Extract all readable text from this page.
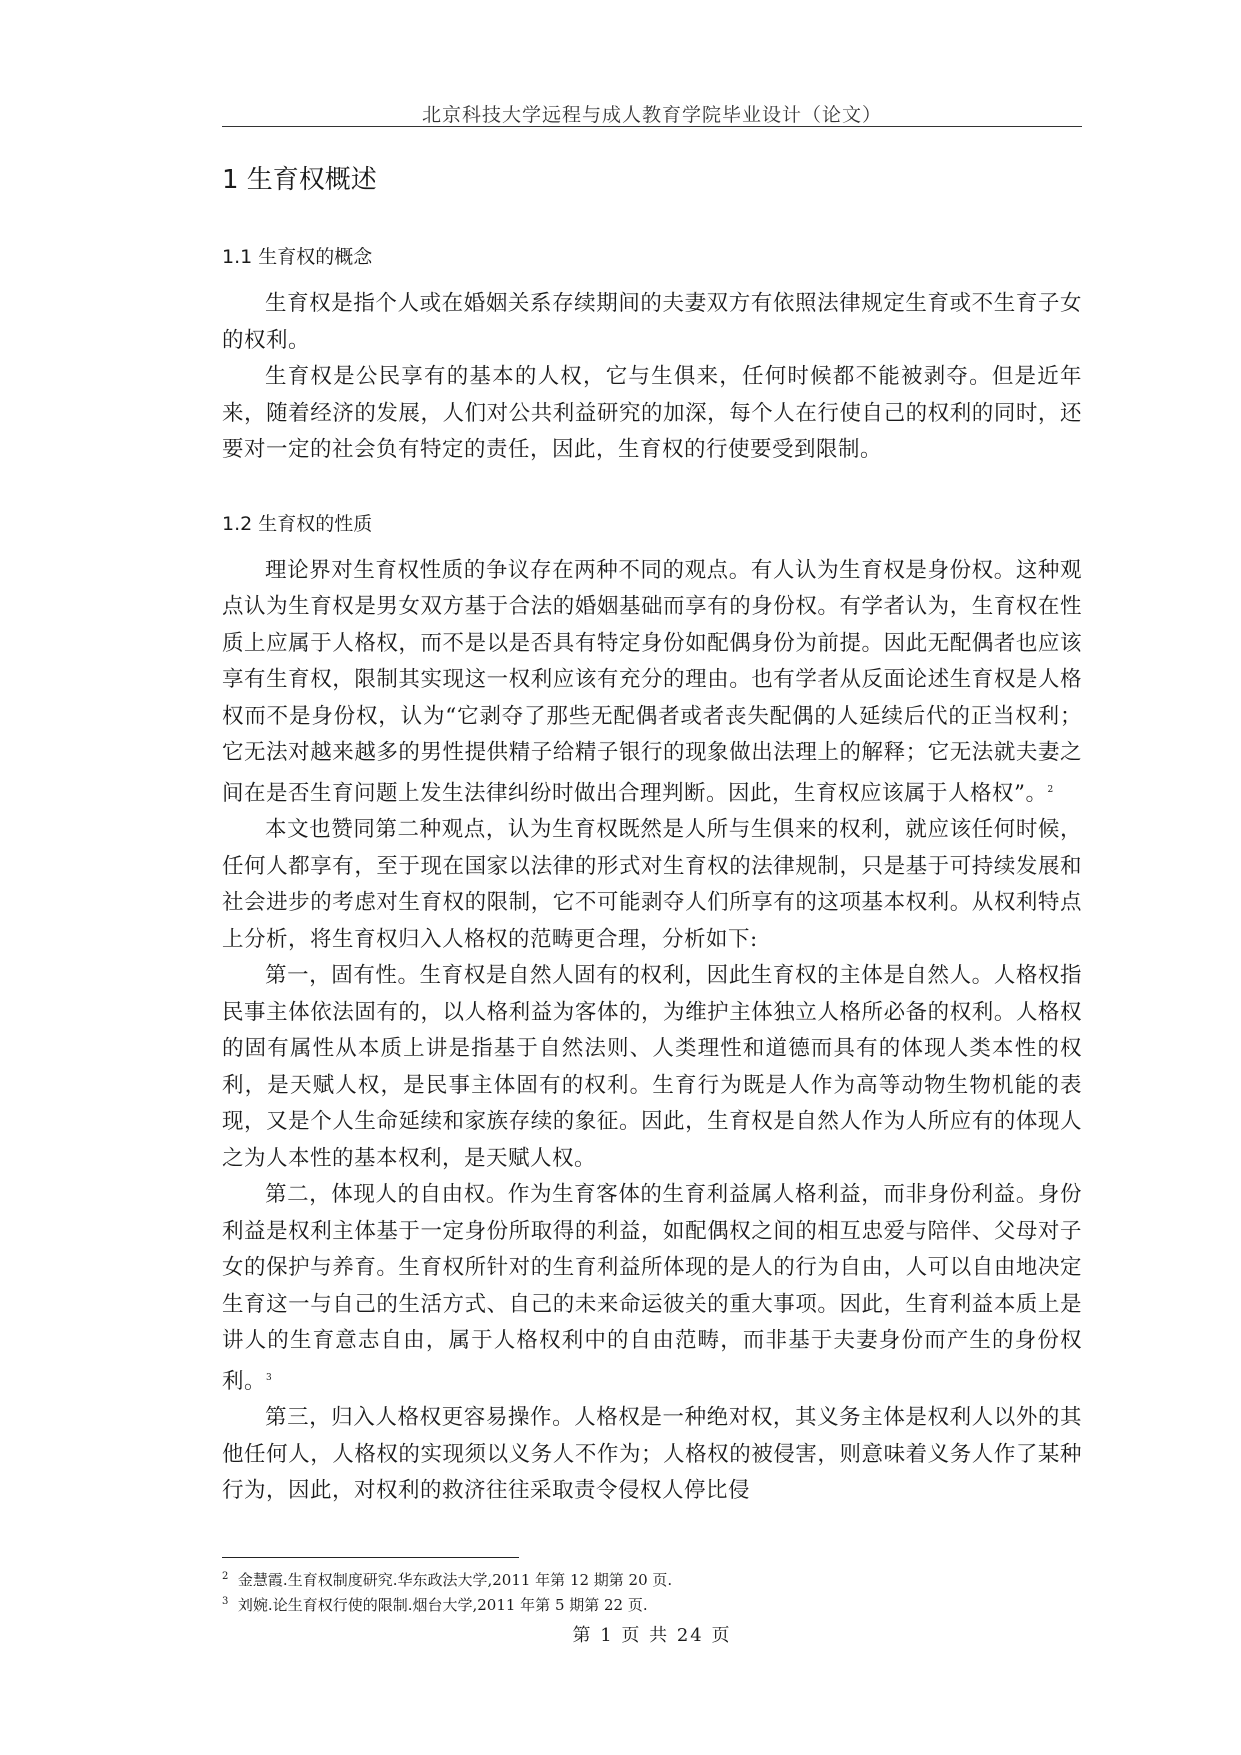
北京科技大学远程与成人教育学院毕业设计（论文）
1 生育权概述
1.1 生育权的概念

生育权是指个人或在婚姻关系存续期间的夫妻双方有依照法律规定生育或不生育子女的权利。

生育权是公民享有的基本的人权，它与生俱来，任何时候都不能被剥夺。但是近年来，随着经济的发展，人们对公共利益研究的加深，每个人在行使自己的权利的同时，还要对一定的社会负有特定的责任，因此，生育权的行使要受到限制。

1.2 生育权的性质

理论界对生育权性质的争议存在两种不同的观点。有人认为生育权是身份权。这种观点认为生育权是男女双方基于合法的婚姻基础而享有的身份权。有学者认为，生育权在性质上应属于人格权，而不是以是否具有特定身份如配偶身份为前提。因此无配偶者也应该享有生育权，限制其实现这一权利应该有充分的理由。也有学者从反面论述生育权是人格权而不是身份权，认为“它剥夺了那些无配偶者或者丧失配偶的人延续后代的正当权利；它无法对越来越多的男性提供精子给精子银行的现象做出法理上的解释；它无法就夫妻之间在是否生育问题上发生法律纠纷时做出合理判断。因此，生育权应该属于人格权”。$^2$

本文也赞同第二种观点，认为生育权既然是人所与生俱来的权利，就应该任何时候，任何人都享有，至于现在国家以法律的形式对生育权的法律规制，只是基于可持续发展和社会进步的考虑对生育权的限制，它不可能剥夺人们所享有的这项基本权利。从权利特点上分析，将生育权归入人格权的范畴更合理，分析如下:

第一，固有性。生育权是自然人固有的权利，因此生育权的主体是自然人。人格权指民事主体依法固有的，以人格利益为客体的，为维护主体独立人格所必备的权利。人格权的固有属性从本质上讲是指基于自然法则、人类理性和道德而具有的体现人类本性的权利，是天赋人权，是民事主体固有的权利。生育行为既是人作为高等动物生物机能的表现，又是个人生命延续和家族存续的象征。因此，生育权是自然人作为人所应有的体现人之为人本性的基本权利，是天赋人权。

第二，体现人的自由权。作为生育客体的生育利益属人格利益，而非身份利益。身份利益是权利主体基于一定身份所取得的利益，如配偶权之间的相互忠爱与陪伴、父母对子女的保护与养育。生育权所针对的生育利益所体现的是人的行为自由，人可以自由地决定生育这一与自己的生活方式、自己的未来命运彼关的重大事项。因此，生育利益本质上是讲人的生育意志自由，属于人格权利中的自由范畴，而非基于夫妻身份而产生的身份权利。$^3$

第三，归入人格权更容易操作。人格权是一种绝对权，其义务主体是权利人以外的其他任何人，人格权的实现须以义务人不作为；人格权的被侵害，则意味着义务人作了某种行为，因此，对权利的救济往往采取责令侵权人停比侵

$^2$ 金慧霞.生育权制度研究.华东政法大学,2011 年第 12 期第 20 页.
$^3$ 刘婉.论生育权行使的限制.烟台大学,2011 年第 5 期第 22 页.
第 1 页 共 24 页
